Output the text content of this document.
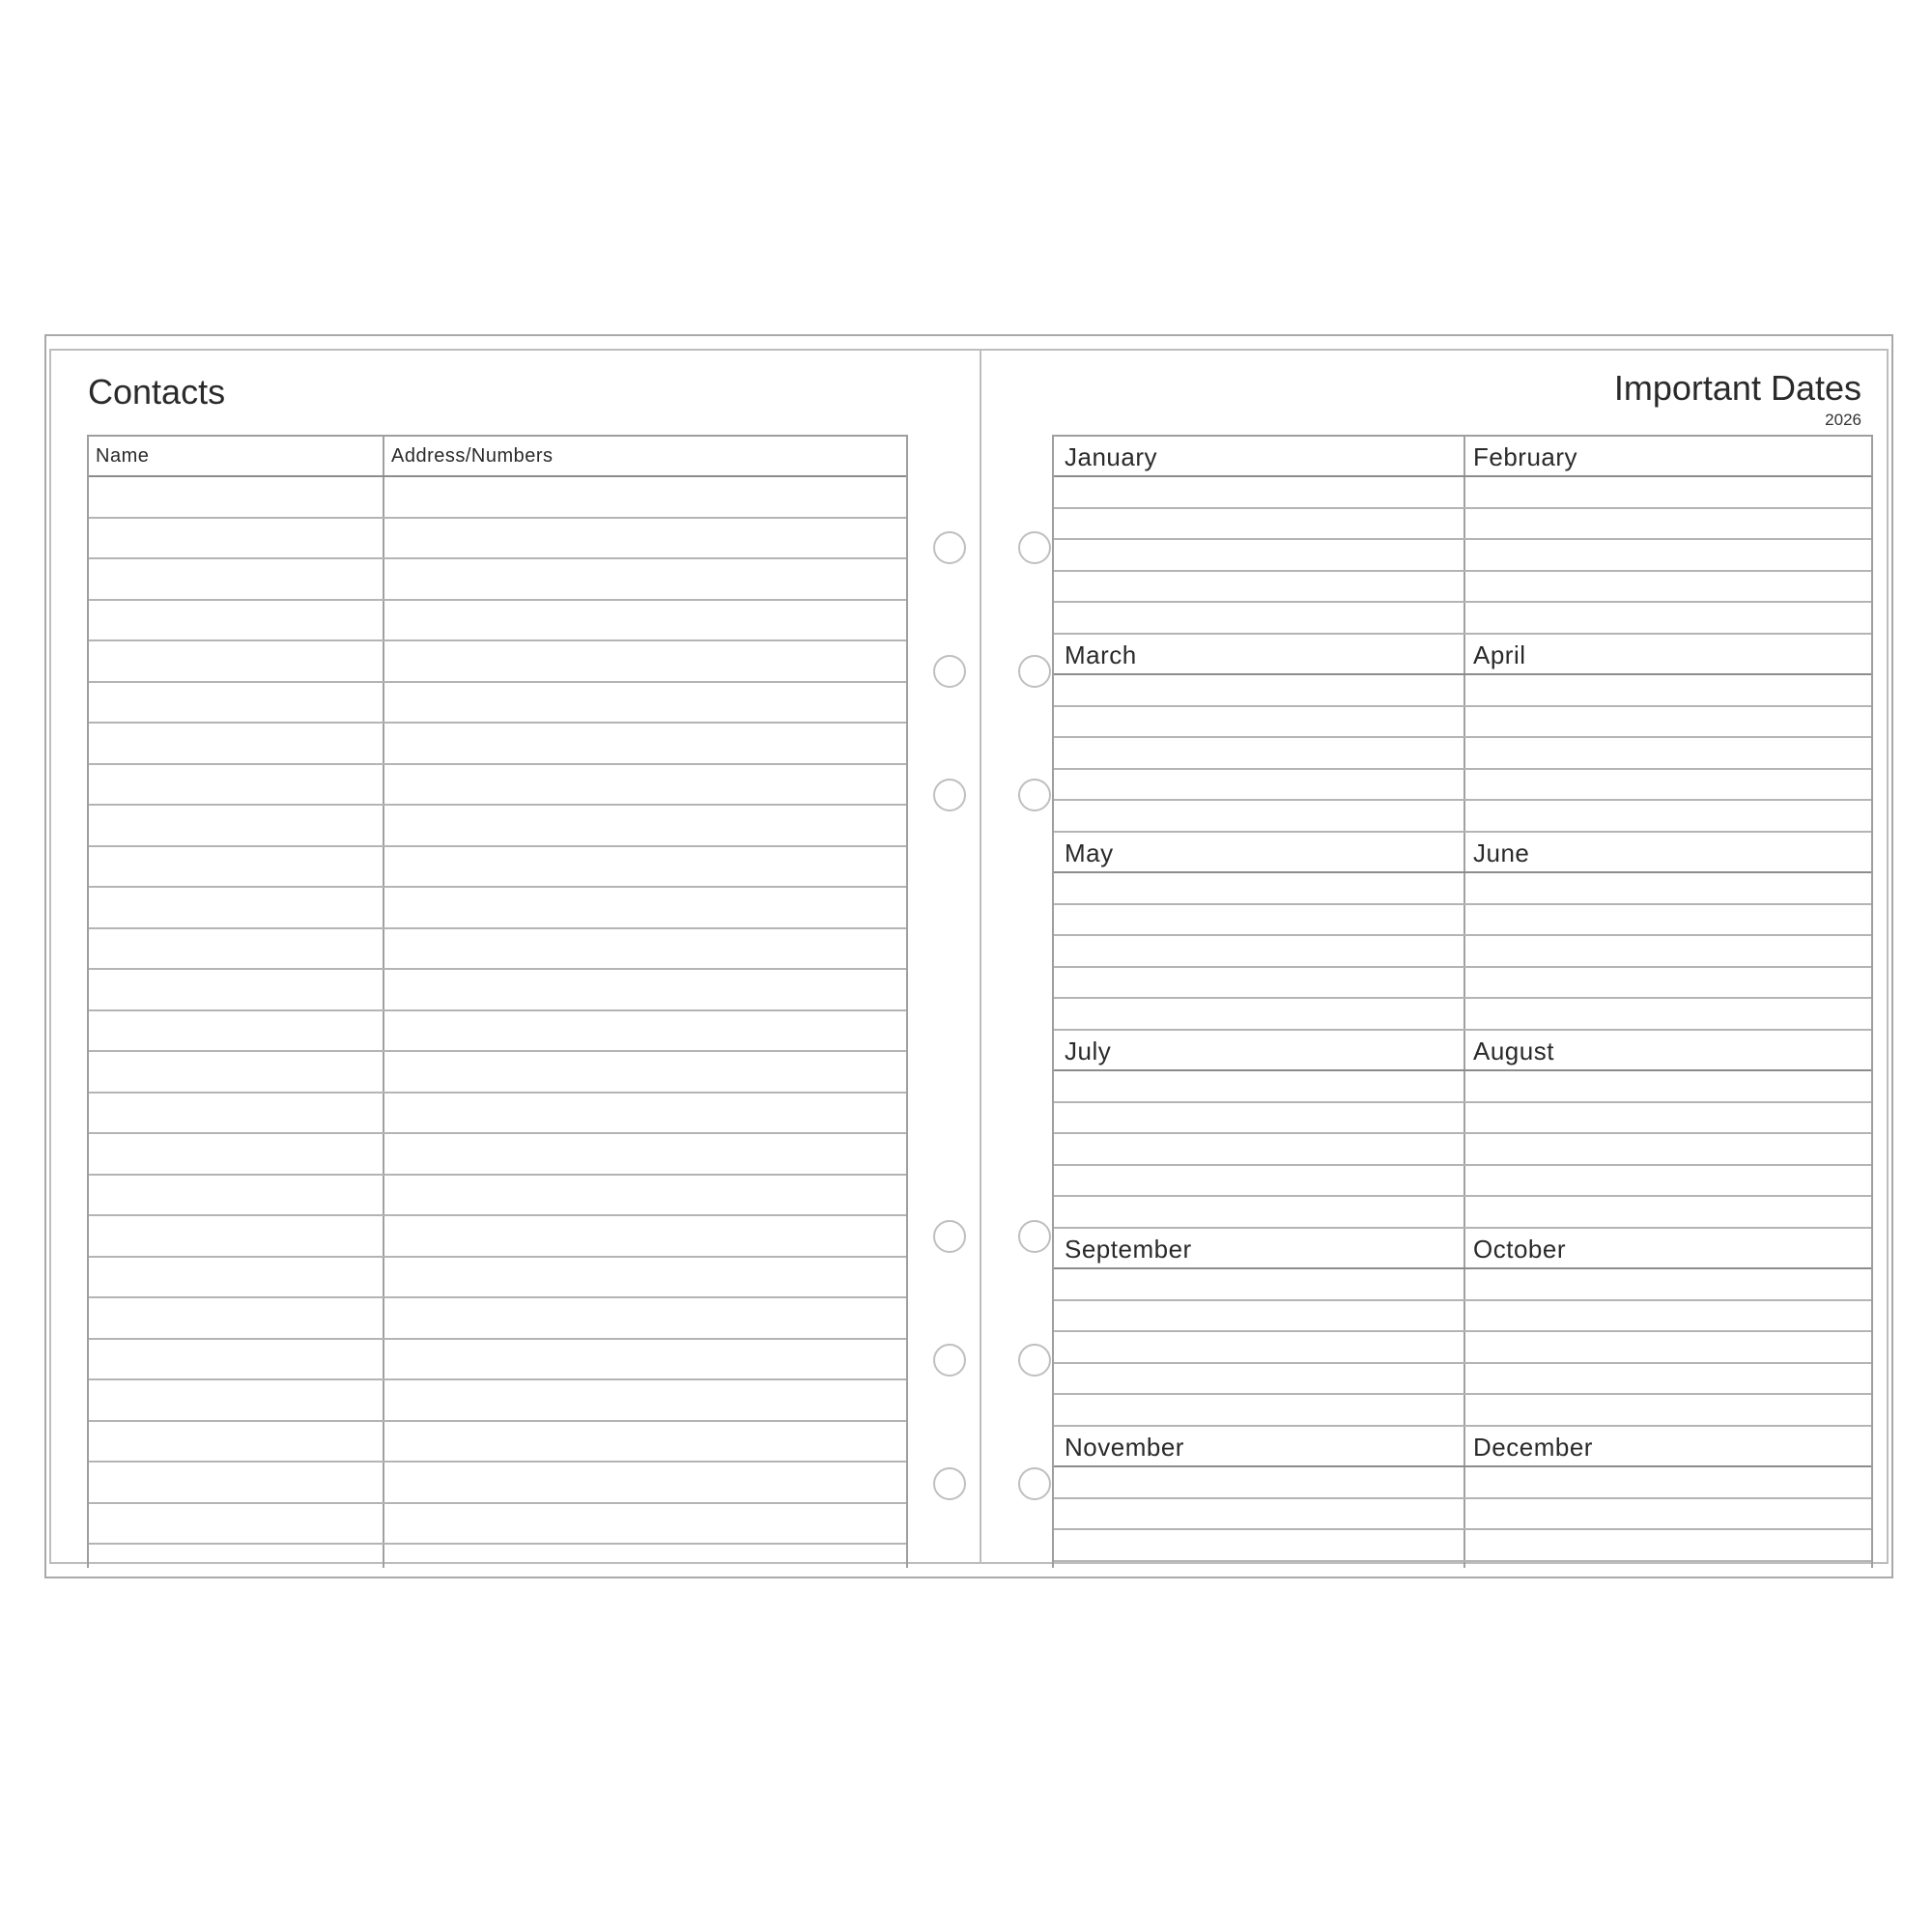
Contacts
Name	Address/Numbers
Important Dates
2026
January	February
March	April
May	June
July	August
September	October
November	December
